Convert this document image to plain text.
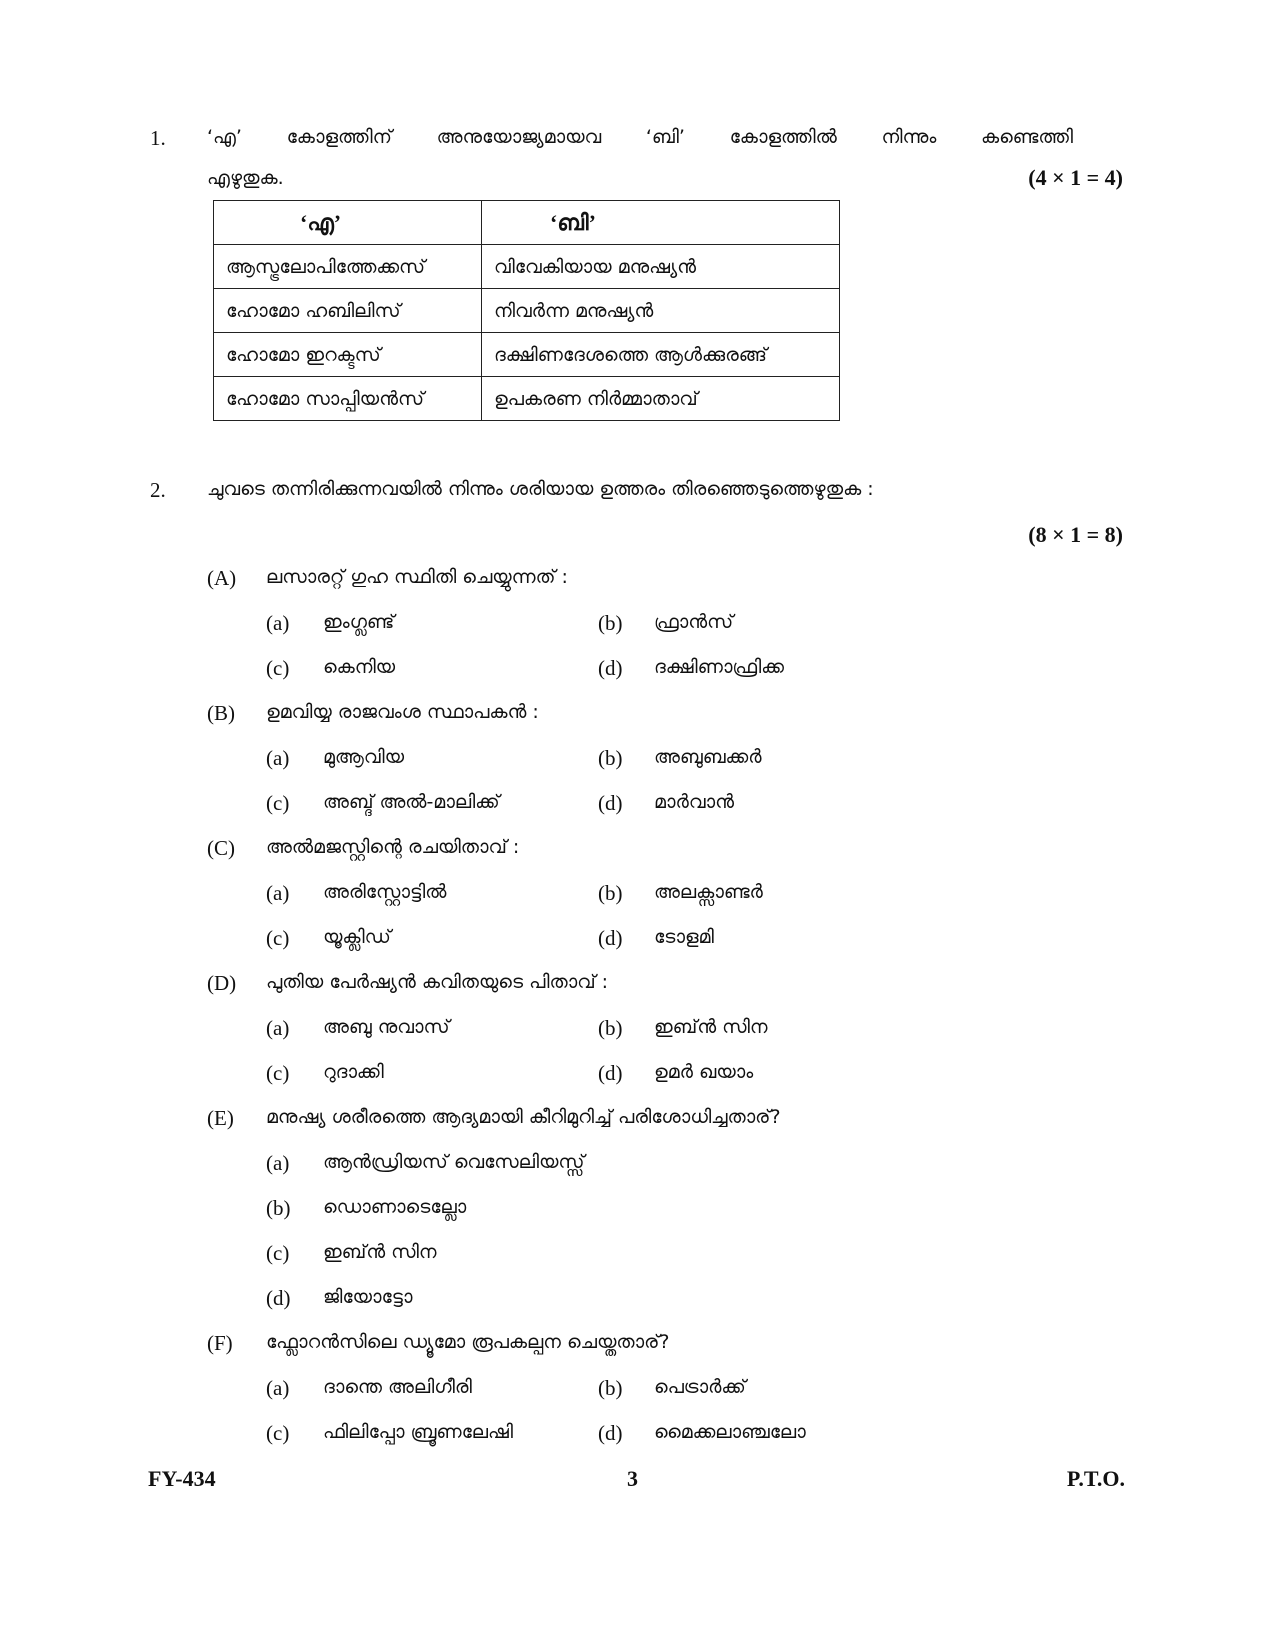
1. ‘എ’ കോളത്തിന് അനുയോജ്യമായവ ‘ബി’ കോളത്തിൽ നിന്നും കണ്ടെത്തി
എഴുതുക.	(4 × 1 = 4)
‘എ’	‘ബി’
ആസ്ട്രലോപിത്തേക്കസ്	വിവേകിയായ മനുഷ്യൻ
ഹോമോ ഹബിലിസ്	നിവർന്ന മനുഷ്യൻ
ഹോമോ ഇറക്ടസ്	ദക്ഷിണദേശത്തെ ആൾക്കുരങ്ങ്
ഹോമോ സാപ്പിയൻസ്	ഉപകരണ നിർമ്മാതാവ്
2. ചുവടെ തന്നിരിക്കുന്നവയിൽ നിന്നും ശരിയായ ഉത്തരം തിരഞ്ഞെടുത്തെഴുതുക :
(8 × 1 = 8)
(A) ലസാരറ്റ് ഗുഹ സ്ഥിതി ചെയ്യുന്നത് :
(a) ഇംഗ്ലണ്ട്	(b) ഫ്രാൻസ്
(c) കെനിയ	(d) ദക്ഷിണാഫ്രിക്ക
(B) ഉമവിയ്യ രാജവംശ സ്ഥാപകൻ :
(a) മുആവിയ	(b) അബുബക്കർ
(c) അബ്ദ് അൽ-മാലിക്ക്	(d) മാർവാൻ
(C) അൽമജസ്റ്റിന്റെ രചയിതാവ് :
(a) അരിസ്റ്റോട്ടിൽ	(b) അലക്സാണ്ടർ
(c) യൂക്ലിഡ്	(d) ടോളമി
(D) പുതിയ പേർഷ്യൻ കവിതയുടെ പിതാവ് :
(a) അബു നുവാസ്	(b) ഇബ്ൻ സിന
(c) റുദാക്കി	(d) ഉമർ ഖയാം
(E) മനുഷ്യ ശരീരത്തെ ആദ്യമായി കീറിമുറിച്ച് പരിശോധിച്ചതാര്?
(a) ആൻഡ്രിയസ് വെസേലിയസ്സ്
(b) ഡൊണാടെല്ലോ
(c) ഇബ്ൻ സിന
(d) ജിയോട്ടോ
(F) ഫ്ലോറൻസിലെ ഡ്യൂമോ രൂപകല്പന ചെയ്തതാര്?
(a) ദാന്തെ അലിഗീരി	(b) പെട്രാർക്ക്
(c) ഫിലിപ്പോ ബ്രൂണലേഷി	(d) മൈക്കലാഞ്ചലോ
FY-434	3	P.T.O.
